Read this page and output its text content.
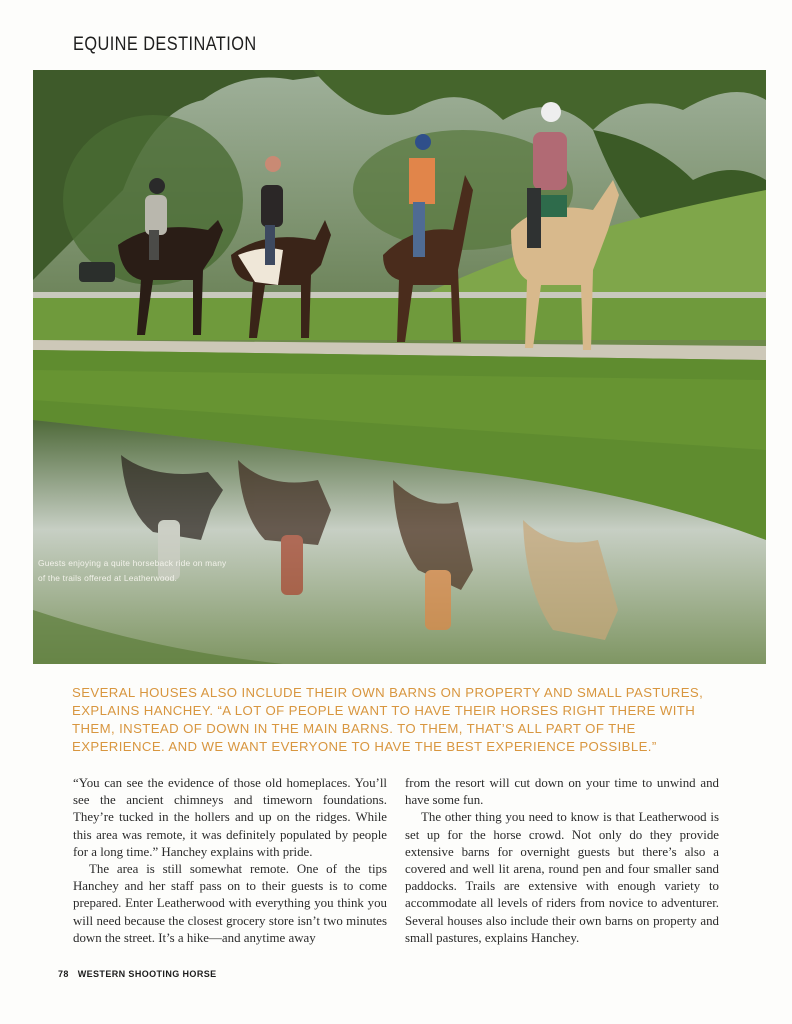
EQUINE DESTINATION
Guests enjoying a quite horseback ride on many
of the trails offered at Leatherwood.
SEVERAL HOUSES ALSO INCLUDE THEIR OWN BARNS ON PROPERTY AND SMALL PASTURES, EXPLAINS HANCHEY. “A LOT OF PEOPLE WANT TO HAVE THEIR HORSES RIGHT THERE WITH THEM, INSTEAD OF DOWN IN THE MAIN BARNS. TO THEM, THAT’S ALL PART OF THE EXPERIENCE. AND WE WANT EVERYONE TO HAVE THE BEST EXPERIENCE POSSIBLE.”

“You can see the evidence of those old homeplaces. You’ll see the ancient chimneys and timeworn foundations. They’re tucked in the hollers and up on the ridges. While this area was remote, it was definitely populated by people for a long time.” Hanchey explains with pride.

The area is still somewhat remote. One of the tips Hanchey and her staff pass on to their guests is to come prepared. Enter Leatherwood with everything you think you will need because the closest grocery store isn’t two minutes down the street. It’s a hike—and anytime away

from the resort will cut down on your time to unwind and have some fun.

The other thing you need to know is that Leatherwood is set up for the horse crowd. Not only do they provide extensive barns for overnight guests but there’s also a covered and well lit arena, round pen and four smaller sand paddocks. Trails are extensive with enough variety to accommodate all levels of riders from novice to adventurer. Several houses also include their own barns on property and small pastures, explains Hanchey.

78 WESTERN SHOOTING HORSE
